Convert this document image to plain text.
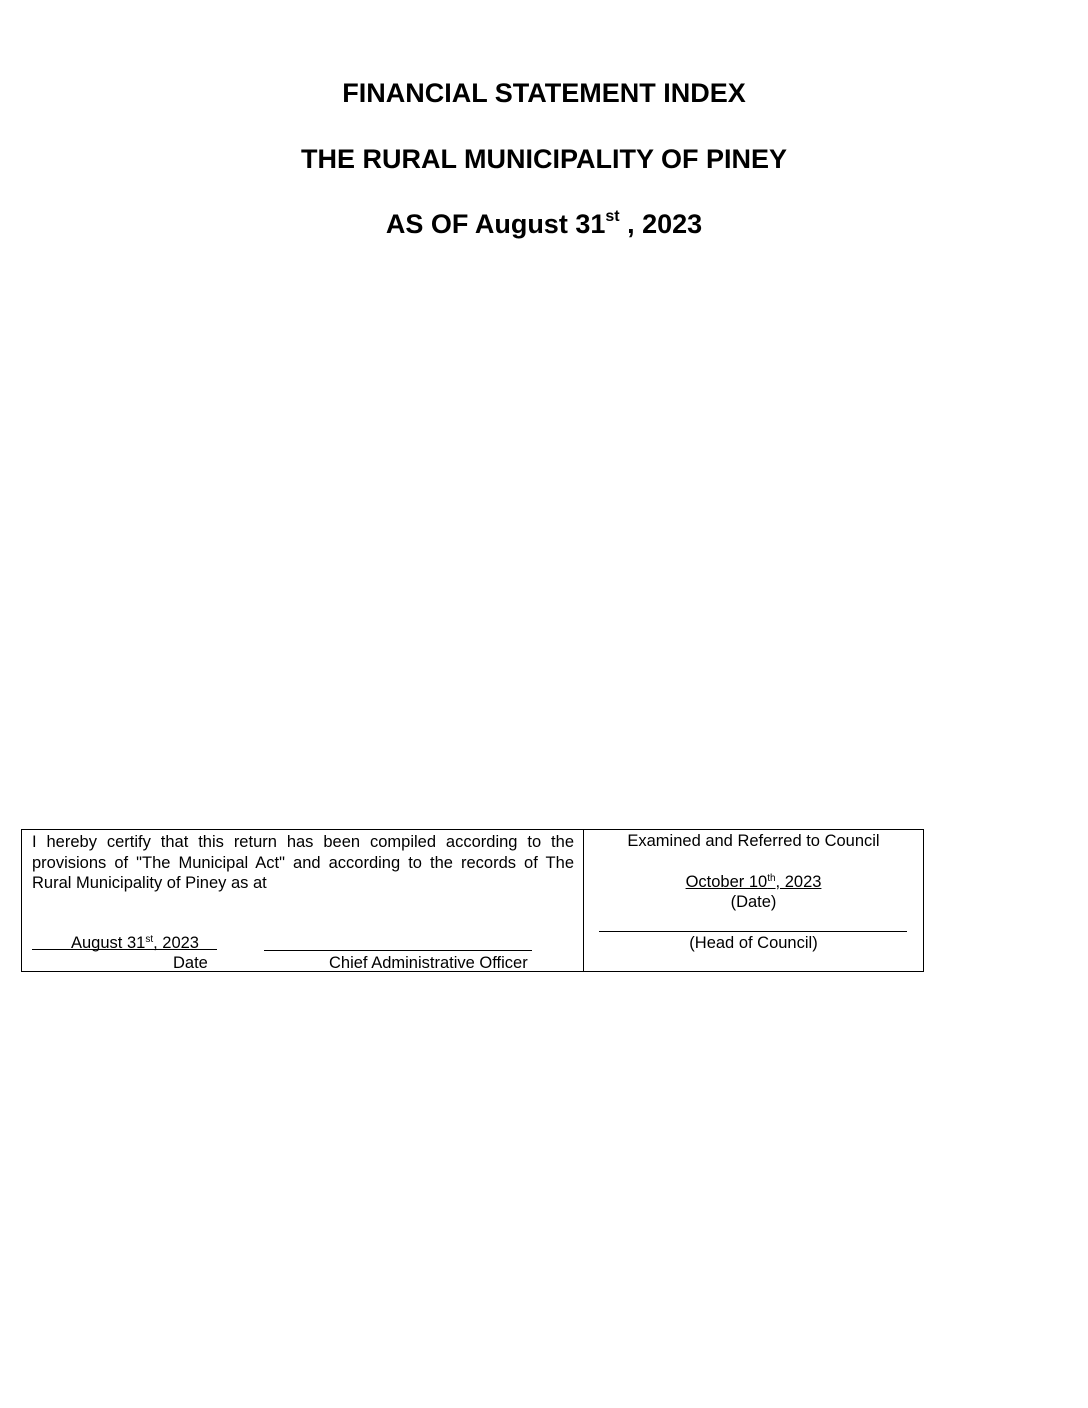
FINANCIAL STATEMENT INDEX
THE RURAL MUNICIPALITY OF PINEY
AS OF August 31st , 2023
I hereby certify that this return has been compiled according to the provisions of "The Municipal Act" and according to the records of The Rural Municipality of Piney as at
August 31st, 2023
Date	Chief Administrative Officer
Examined and Referred to Council
October 10th, 2023
(Date)
(Head of Council)
